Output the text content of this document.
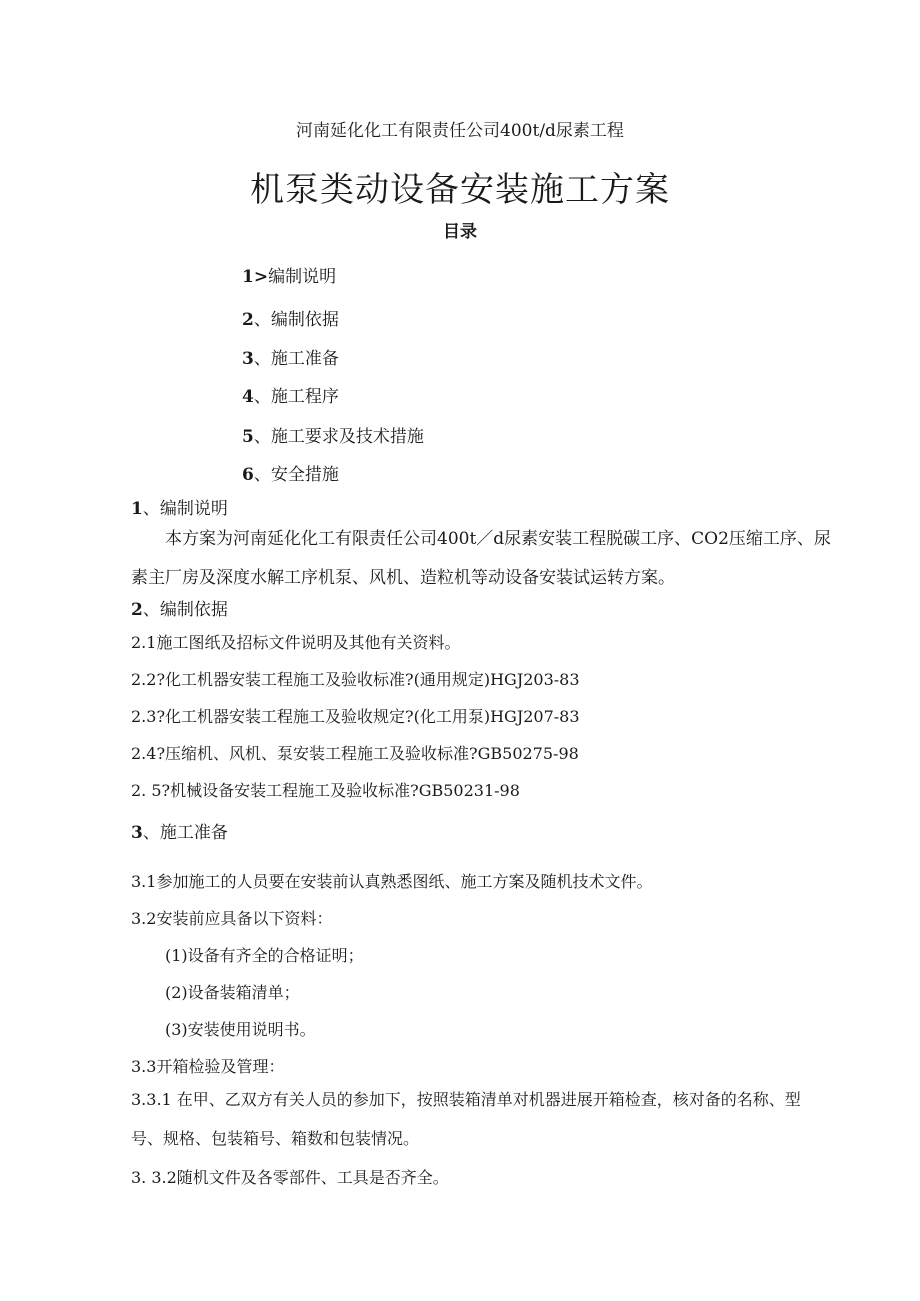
河南延化化工有限责任公司400t/d尿素工程
机泵类动设备安装施工方案
目录
1>编制说明
2、编制依据
3、施工准备
4、施工程序
5、施工要求及技术措施
6、安全措施
1、编制说明
本方案为河南延化化工有限责任公司400t／d尿素安装工程脱碳工序、CO2压缩工序、尿素主厂房及深度水解工序机泵、风机、造粒机等动设备安装试运转方案。
2、编制依据
2.1施工图纸及招标文件说明及其他有关资料。
2.2?化工机器安装工程施工及验收标准?(通用规定)HGJ203-83
2.3?化工机器安装工程施工及验收规定?(化工用泵)HGJ207-83
2.4?压缩机、风机、泵安装工程施工及验收标准?GB50275-98
2. 5?机械设备安装工程施工及验收标准?GB50231-98
3、施工准备
3.1参加施工的人员要在安装前认真熟悉图纸、施工方案及随机技术文件。
3.2安装前应具备以下资料：
(1)设备有齐全的合格证明；
(2)设备装箱清单；
(3)安装使用说明书。
3.3开箱检验及管理：
3.3.1 在甲、乙双方有关人员的参加下，按照装箱清单对机器进展开箱检查，核对备的名称、型号、规格、包装箱号、箱数和包装情况。
3. 3.2随机文件及各零部件、工具是否齐全。
